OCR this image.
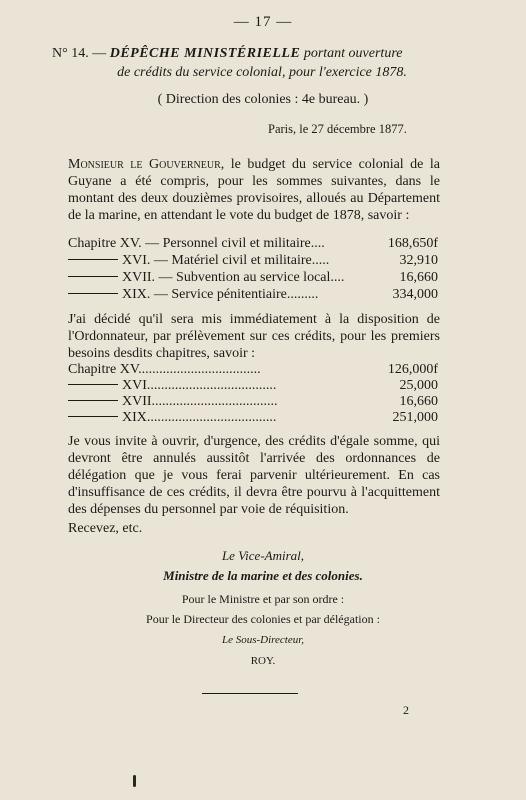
— 17 —
N° 14. — DÉPÊCHE MINISTÉRIELLE portant ouverture
de crédits du service colonial, pour l'exercice 1878.
( Direction des colonies : 4e bureau. )
Paris, le 27 décembre 1877.
Monsieur le Gouverneur, le budget du service colonial de la Guyane a été compris, pour les sommes suivantes, dans le montant des deux douzièmes provisoires, alloués au Département de la marine, en attendant le vote du budget de 1878, savoir :
Chapitre XV. — Personnel civil et militaire....	168,650f
XVI. — Matériel civil et militaire.....	32,910
XVII. — Subvention au service local....	16,660
XIX. — Service pénitentiaire.........	334,000
J'ai décidé qu'il sera mis immédiatement à la disposition de l'Ordonnateur, par prélèvement sur ces crédits, pour les premiers besoins desdits chapitres, savoir :
Chapitre XV...................................	126,000f
XVI.....................................	25,000
XVII....................................	16,660
XIX.....................................	251,000
Je vous invite à ouvrir, d'urgence, des crédits d'égale somme, qui devront être annulés aussitôt l'arrivée des ordonnances de délégation que je vous ferai parvenir ultérieurement. En cas d'insuffisance de ces crédits, il devra être pourvu à l'acquittement des dépenses du personnel par voie de réquisition.
Recevez, etc.
Le Vice-Amiral,
Ministre de la marine et des colonies.
Pour le Ministre et par son ordre :
Pour le Directeur des colonies et par délégation :
Le Sous-Directeur,
ROY.
2
